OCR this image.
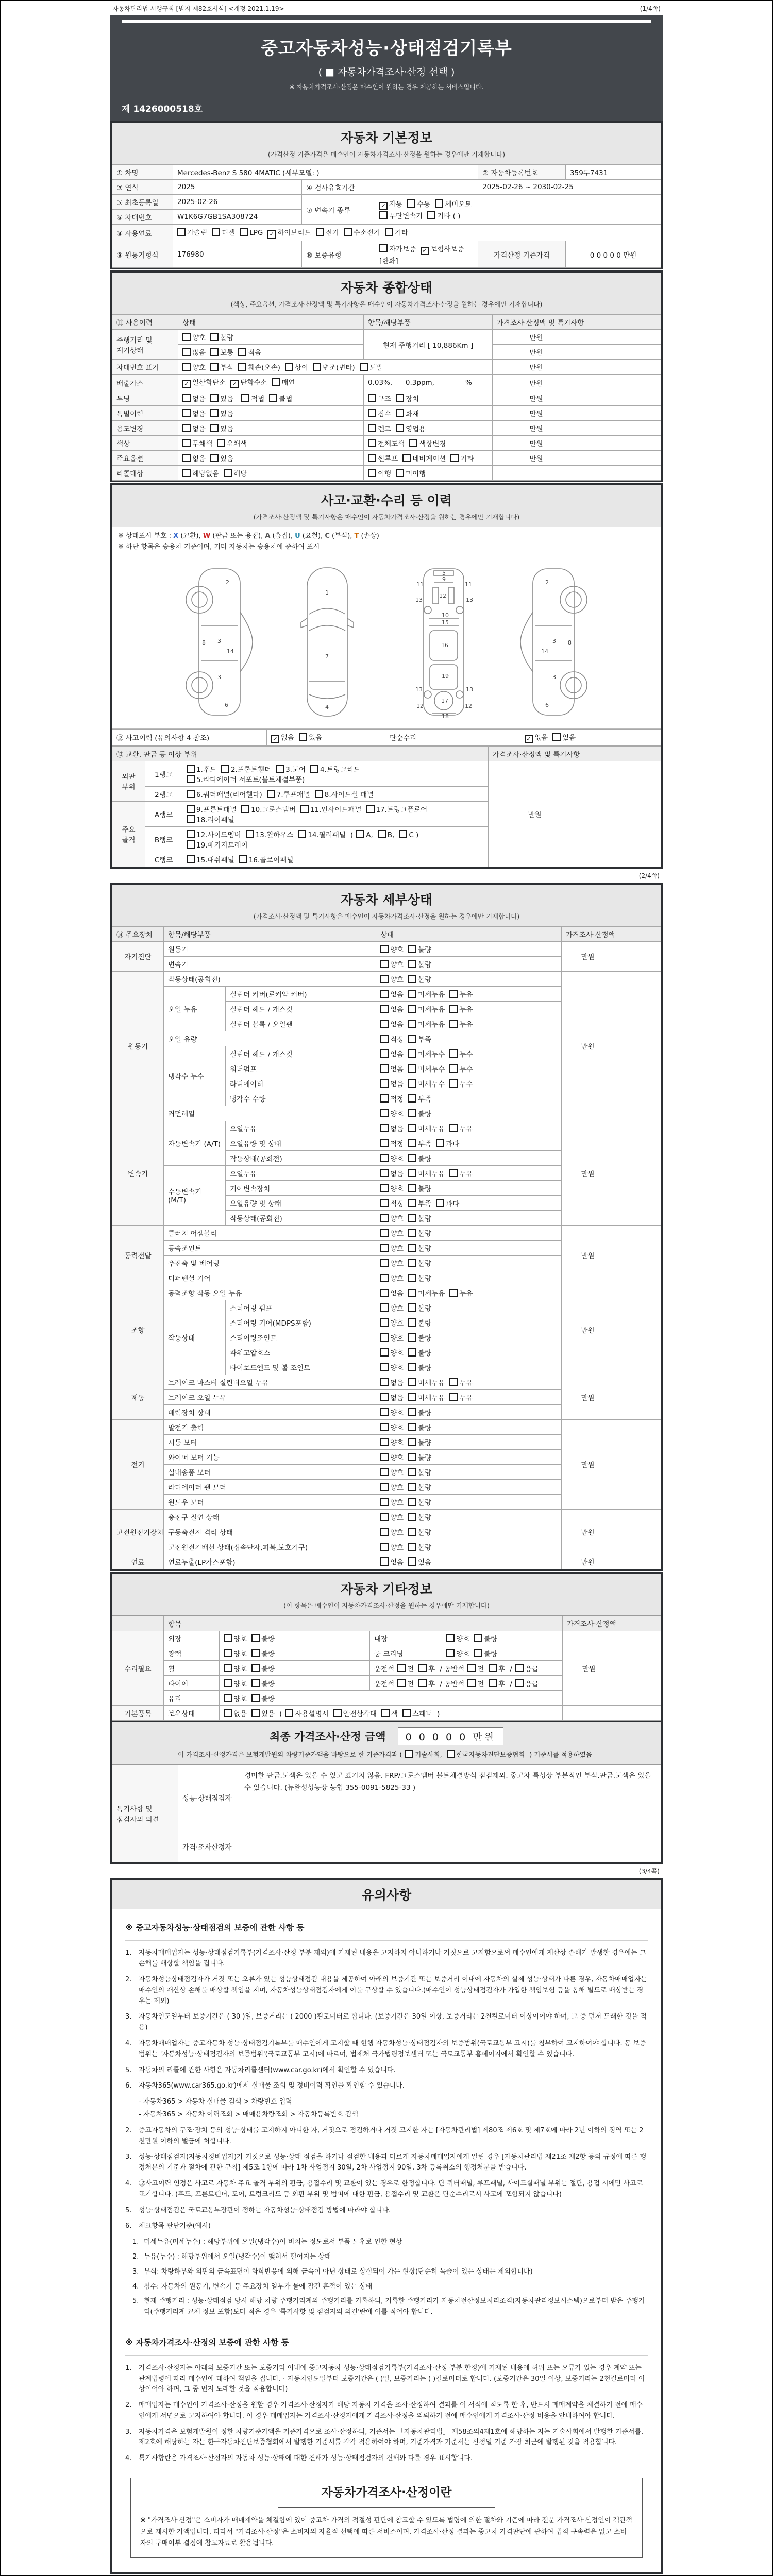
자동차관리법 시행규칙 [별지 제82호서식] <개정 2021.1.19>	(1/4쪽)
중고자동차성능·상태점검기록부
( ■ 자동차가격조사·산정 선택 )
※ 자동차가격조사·산정은 매수인이 원하는 경우 제공하는 서비스입니다.
제 1426000518호
자동차 기본정보
(가격산정 기준가격은 매수인이 자동차가격조사·산정을 원하는 경우에만 기재합니다)
① 차명	Mercedes-Benz S 580 4MATIC (세부모델: )			② 자동차등록번호	359두7431
③ 연식	2025	④ 검사유효기간		2025-02-26 ~ 2030-02-25	
⑤ 최초등록일	2025-02-26	⑦ 변속기 종류	✓ 자동 수동 세미오토
무단변속기 기타 ( )		

⑥ 차대번호	W1K6G7GB1SA308724				
⑧ 사용연료	가솔린 디젤 LPG ✓ 하이브리드 전기 수소전기 기타				
⑨ 원동기형식	176980	⑩ 보증유형	자가보증 ✓ 보험사보증[한화]	가격산정 기준가격	0 0 0 0 0 만원
자동차 종합상태
(색상, 주요옵션, 가격조사·산정액 및 특기사항은 매수인이 자동차가격조사·산정을 원하는 경우에만 기재합니다)
⑪ 사용이력	상태	항목/해당부품	가격조사·산정액 및 특기사항	
주행거리 및 계기상태	양호 불량	현재 주행거리 [ 10,886Km ]	만원	
	많음 보통 적음		만원	
차대번호 표기	양호 부식 훼손(오손) 상이 변조(변타) 도말		만원	
배출가스	✓ 일산화탄소 ✓ 탄화수소 매연	0.03%,      0.3ppm,              %	만원	
튜닝	없음 있음 적법 불법	구조 장치	만원	
특별이력	없음 있음	침수 화재	만원	
용도변경	없음 있음	렌트 영업용	만원	
색상	무채색 유채색	전체도색 색상변경	만원	
주요옵션	없음 있음	썬루프 네비게이션 기타	만원	
리콜대상	해당없음 해당	이행 미이행		
사고·교환·수리 등 이력
(가격조사·산정액 및 특기사항은 매수인이 자동차가격조사·산정을 원하는 경우에만 기재합니다)
※ 상태표시 부호 : X (교환), W (판금 또는 용접), A (흠집), U (요철), C (부식), T (손상)
※ 하단 항목은 승용차 기준이며, 기타 자동차는 승용차에 준하여 표시
2
8 3
14
3
6
1
7
4
5
9
11	11
13	13
12
10
15
16
19
13	13
12	12
17
18
2
8
3
14
3
6
⑫ 사고이력 (유의사항 4 참조)	✓ 없음 있음	단순수리	✓ 없음 있음
⑬ 교환, 판금 등 이상 부위			가격조사·산정액 및 특기사항	
외판 부위	1랭크	1.후드 2.프론트휀더 3.도어 4.트렁크리드5.라디에이터 서포트(볼트체결부품)	만원	
	2랭크	6.쿼터패널(리어휀다) 7.루프패널 8.사이드실 패널		
주요 골격	A랭크	9.프론트패널 10.크로스멤버 11.인사이드패널 17.트렁크플로어18.리어패널		
	B랭크	12.사이드멤버 13.휠하우스 14.필러패널 ( A, B, C )19.페키지트레이		
	C랭크	15.대쉬패널 16.플로어패널		
(2/4쪽)
자동차 세부상태
(가격조사·산정액 및 특기사항은 매수인이 자동차가격조사·산정을 원하는 경우에만 기재합니다)
⑭ 주요장치	항목/해당부품		상태	가격조사·산정액	
자기진단	원동기		양호 불량	만원	
	변속기		양호 불량		
원동기	작동상태(공회전)		양호 불량	만원	
	오일 누유	실린더 커버(로커암 커버)	없음 미세누유 누유		
		실린더 헤드 / 개스킷	없음 미세누유 누유		
		실린더 블록 / 오일팬	없음 미세누유 누유		
	오일 유량		적정 부족		
	냉각수 누수	실린더 헤드 / 개스킷	없음 미세누수 누수		
		워터펌프	없음 미세누수 누수		
		라디에이터	없음 미세누수 누수		
		냉각수 수량	적정 부족		
	커먼레일		양호 불량		
변속기	자동변속기 (A/T)	오일누유	없음 미세누유 누유	만원	
		오일유량 및 상태	적정 부족 과다		
		작동상태(공회전)	양호 불량		
	수동변속기 (M/T)	오일누유	없음 미세누유 누유		
		기어변속장치	양호 불량		
		오일유량 및 상태	적정 부족 과다		
		작동상태(공회전)	양호 불량		
동력전달	클러치 어셈블리		양호 불량	만원	
	등속조인트		양호 불량		
	추진축 및 베어링		양호 불량		
	디퍼렌셜 기어		양호 불량		
조향	동력조향 작동 오일 누유		없음 미세누유 누유	만원	
	작동상태	스티어링 펌프	양호 불량		
		스티어링 기어(MDPS포함)	양호 불량		
		스티어링조인트	양호 불량		
		파워고압호스	양호 불량		
		타이로드엔드 및 볼 조인트	양호 불량		
제동	브레이크 마스터 실린더오일 누유		없음 미세누유 누유	만원	
	브레이크 오일 누유		없음 미세누유 누유		
	배력장치 상태		양호 불량		
전기	발전기 출력		양호 불량	만원	
	시동 모터		양호 불량		
	와이퍼 모터 기능		양호 불량		
	실내송풍 모터		양호 불량		
	라디에이터 팬 모터		양호 불량		
	윈도우 모터		양호 불량		
고전원전기장치	충전구 절연 상태		양호 불량	만원	
	구동축전지 격리 상태		양호 불량		
	고전원전기배선 상태(접속단자,피복,보호기구)		양호 불량		
연료	연료누출(LP가스포함)		없음 있음	만원	
자동차 기타정보
(이 항목은 매수인이 자동차가격조사·산정을 원하는 경우에만 기재합니다)
	항목				가격조사·산정액	
수리필요	외장	양호 불량	내장	양호 불량	만원	
	광택	양호 불량	룸 크리닝	양호 불량		
	휠	양호 불량	운전석 전 후 / 동반석 전 후 / 응급			
	타이어	양호 불량	운전석 전 후 / 동반석 전 후 / 응급			
	유리	양호 불량				
기본품목	보유상태	없음 있음 ( 사용설명서 안전삼각대 잭 스패너 )				
최종 가격조사·산정 금액 0 0 0 0 0 만원
이 가격조사·산정가격은 보험개발원의 차량기준가액을 바탕으로 한 기준가격과 ( 기술사회, 한국자동차진단보증협회 ) 기준서를 적용하였음
특기사항 및 점검자의 의견	성능·상태점검자	경미한 판금.도색은 있을 수 있고 표기치 않음. FRP/크로스멤버 볼트체결방식 점검제외. 중고차 특성상 부분적인 부식.판금.도색은 있을 수 있습니다. (뉴완성성능장 농협 355-0091-5825-33 )
	가격·조사산정자	
(3/4쪽)
유의사항
※ 중고자동차성능·상태점검의 보증에 관한 사항 등
1.	자동차매매업자는 성능·상태점검기록부(가격조사·산정 부분 제외)에 기재된 내용을 고지하지 아니하거나 거짓으로 고지함으로써 매수인에게 재산상 손해가 발생한 경우에는 그 손해를 배상할 책임을 집니다.
2.	자동차성능상태점검자가 거짓 또는 오류가 있는 성능상태점검 내용을 제공하여 아래의 보증기간 또는 보증거리 이내에 자동차의 실제 성능·상태가 다른 경우, 자동차매매업자는 매수인의 재산상 손해를 배상할 책임을 지며, 자동차성능상태점검자에게 이를 구상할 수 있습니다.(매수인이 성능상태점검자가 가입한 책임보험 등을 통해 별도로 배상받는 경우는 제외)
3.	자동차인도일부터 보증기간은 ( 30 )일, 보증거리는 ( 2000 )킬로미터로 합니다. (보증기간은 30일 이상, 보증거리는 2천킬로미터 이상이어야 하며, 그 중 먼저 도래한 것을 적용)
4.	자동차매매업자는 중고자동차 성능·상태점검기록부를 매수인에게 고지할 때 현행 자동차성능·상태점검자의 보증범위(국토교통부 고시)를 첨부하여 고지하여야 합니다. 동 보증범위는 '자동차성능·상태점검자의 보증범위'(국토교통부 고시)에 따르며, 법제처 국가법령정보센터 또는 국토교통부 홈페이지에서 확인할 수 있습니다.
5.	자동차의 리콜에 관한 사항은 자동차리콜센터(www.car.go.kr)에서 확인할 수 있습니다.
6.	자동차365(www.car365.go.kr)에서 실매물 조회 및 정비이력 확인을 확인할 수 있습니다.
- 자동차365 > 자동차 실매물 검색 > 차량번호 입력
- 자동차365 > 자동차 이력조회 > 매매용차량조회 > 자동차등록번호 검색
2.	중고자동차의 구조·장치 등의 성능·상태를 고지하지 아니한 자, 거짓으로 점검하거나 거짓 고지한 자는 [자동차관리법] 제80조 제6호 및 제7호에 따라 2년 이하의 징역 또는 2천만원 이하의 벌금에 처합니다.
3.	성능·상태점검자(자동차정비업자)가 거짓으로 성능·상태 점검을 하거나 점검한 내용과 다르게 자동차매매업자에게 알린 경우 [자동차관리법 제21조 제2항 등의 규정에 따른 행정처분의 기준과 절차에 관한 규칙] 제5조 1항에 따라 1차 사업정지 30일, 2차 사업정지 90일, 3차 등록취소의 행정처분을 받습니다.
4.	⑫사고이력 인정은 사고로 자동차 주요 골격 부위의 판금, 용접수리 및 교환이 있는 경우로 한정합니다. 단 쿼터패널, 루프패널, 사이드실패널 부위는 절단, 용접 시에만 사고로 표기합니다. (후드, 프론트펜더, 도어, 트렁크리드 등 외판 부위 및 범퍼에 대한 판금, 용접수리 및 교환은 단순수리로서 사고에 포함되지 않습니다)
5.	성능·상태점검은 국토교통부장관이 정하는 자동차성능·상태점검 방법에 따라야 합니다.
6.	체크항목 판단기준(예시)
1. 미세누유(미세누수) : 해당부위에 오일(냉각수)이 비치는 정도로서 부품 노후로 인한 현상
2. 누유(누수) : 해당부위에서 오일(냉각수)이 맺혀서 떨어지는 상태
3. 부식: 차량하부와 외판의 금속표면이 화학반응에 의해 금속이 아닌 상태로 상실되어 가는 현상(단순히 녹슬어 있는 상태는 제외합니다)
4. 침수: 자동차의 원동기, 변속기 등 주요장치 일부가 물에 잠긴 흔적이 있는 상태
5. 현재 주행거리 : 성능·상태점검 당시 해당 차량 주행거리계의 주행거리를 기록하되, 기록한 주행거리가 자동차전산정보처리조직(자동차관리정보시스템)으로부터 받은 주행거리(주행거리계 교체 정보 포함)보다 적은 경우 '특기사항 및 점검자의 의견'란에 이를 적어야 합니다.
※ 자동차가격조사·산정의 보증에 관한 사항 등
1.	가격조사·산정자는 아래의 보증기간 또는 보증거리 이내에 중고자동차 성능·상태점검기록부(가격조사·산정 부분 한정)에 기재된 내용에 허위 또는 오류가 있는 경우 계약 또는 관계법령에 따라 매수인에 대하여 책임을 집니다. · 자동차인도일부터 보증기간은 ( )일, 보증거리는 ( )킬로미터로 합니다. (보증기간은 30일 이상, 보증거리는 2천킬로미터 이상이어야 하며, 그 중 먼저 도래한 것을 적용합니다)
2.	매매업자는 매수인이 가격조사·산정을 원할 경우 가격조사·산정자가 해당 자동차 가격을 조사·산정하여 결과를 이 서식에 적도록 한 후, 반드시 매매계약을 체결하기 전에 매수인에게 서면으로 고지하여야 합니다. 이 경우 매매업자는 가격조사·산정자에게 가격조사·산정을 의뢰하기 전에 매수인에게 가격조사·산정 비용을 안내하여야 합니다.
3.	자동차가격은 보험개발원이 정한 차량기준가액을 기준가격으로 조사·산정하되, 기준서는 「자동차관리법」 제58조의4제1호에 해당하는 자는 기술사회에서 발행한 기준서를, 제2호에 해당하는 자는 한국자동차진단보증협회에서 발행한 기준서를 각각 적용하여야 하며, 기준가격과 기준서는 산정일 기준 가장 최근에 발행된 것을 적용합니다.
4.	특기사항란은 가격조사·산정자의 자동차 성능·상태에 대한 견해가 성능·상태점검자의 견해와 다를 경우 표시합니다.
자동차가격조사·산정이란
※ "가격조사·산정"은 소비자가 매매계약을 체결함에 있어 중고차 가격의 적절성 판단에 참고할 수 있도록 법령에 의한 절차와 기준에 따라 전문 가격조사·산정인이 객관적으로 제시한 가액입니다. 따라서 "가격조사·산정"은 소비자의 자율적 선택에 따른 서비스이며, 가격조사·산정 결과는 중고차 가격판단에 관하여 법적 구속력은 없고 소비자의 구매여부 결정에 참고자료로 활용됩니다.
